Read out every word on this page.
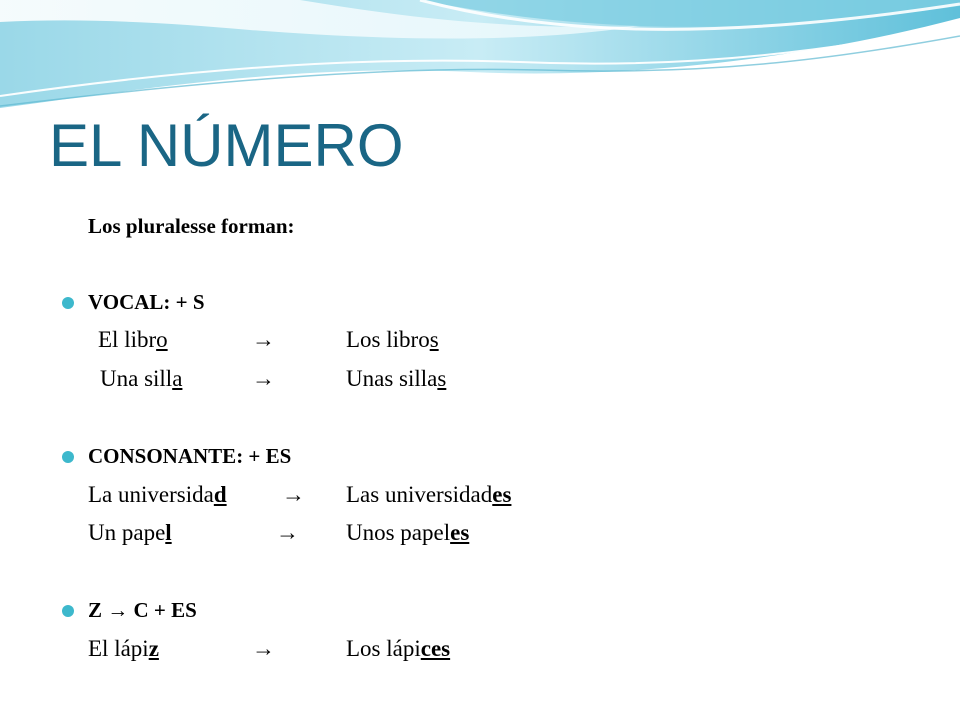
EL NÚMERO
Los pluralesse forman:
VOCAL: + S
El libro	→	Los libros
Una silla	→	Unas sillas
CONSONANTE: + ES
La universidad → Las universidades
Un papel	→ Unos papeles
Z → C + ES
El lápiz	→	Los lápices
